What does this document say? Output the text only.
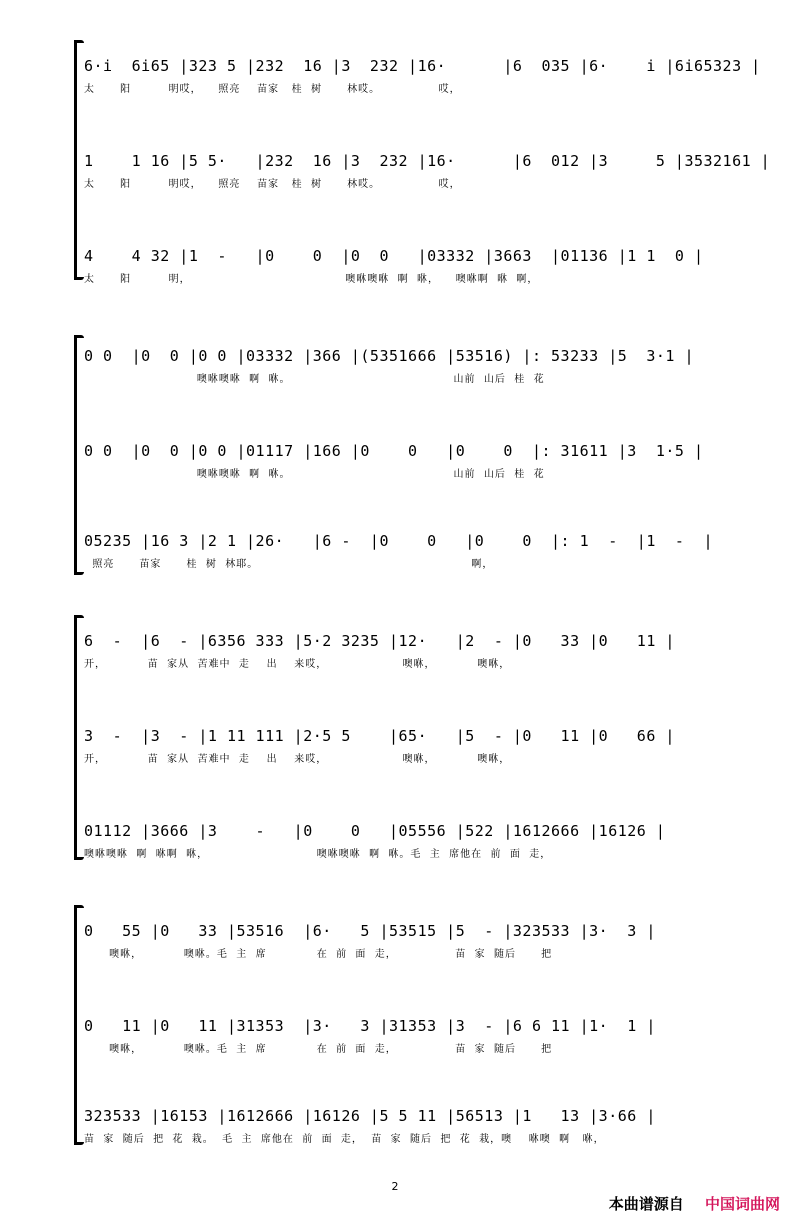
6·i  6i65 |323 5 |232  16 |3  232 |16·      |6  035 |6·    i |6i65323 |
太      阳         明哎，    照亮    苗家   桂  树      林哎。              哎，
1    1 16 |5 5·   |232  16 |3  232 |16·      |6  012 |3     5 |3532161 |
太      阳         明哎，    照亮    苗家   桂  树      林哎。              哎，
4    4 32 |1  -   |0    0  |0  0   |03332 |3663  |01136 |1 1  0 |
太      阳         明，                                     噢咻噢咻  啊  咻，    噢咻啊  咻  啊，
0 0  |0  0 |0 0 |03332 |366 |(5351666 |53516) |: 53233 |5  3·1 |
噢咻噢咻  啊  咻。                                       山前  山后  桂  花
0 0  |0  0 |0 0 |01117 |166 |0    0   |0    0  |: 31611 |3  1·5 |
噢咻噢咻  啊  咻。                                       山前  山后  桂  花
05235 |16 3 |2 1 |26·   |6 -  |0    0   |0    0  |: 1  -  |1  -  |
照亮      苗家      桂  树  林耶。                                                   啊，
6  -  |6  - |6356 333 |5·2 3235 |12·   |2  - |0   33 |0   11 |
开，          苗  家从  苦难中  走    出    来哎，                  噢咻，          噢咻，
3  -  |3  - |1 11 111 |2·5 5    |65·   |5  - |0   11 |0   66 |
开，          苗  家从  苦难中  走    出    来哎，                  噢咻，          噢咻，
01112 |3666 |3    -   |0    0   |05556 |522 |1612666 |16126 |
噢咻噢咻  啊  咻啊  咻，                          噢咻噢咻  啊  咻。毛  主  席他在  前  面  走，
0   55 |0   33 |53516  |6·   5 |53515 |5  - |323533 |3·  3 |
噢咻，          噢咻。毛  主  席            在  前  面  走，              苗  家  随后      把
0   11 |0   11 |31353  |3·   3 |31353 |3  - |6 6 11 |1·  1 |
噢咻，          噢咻。毛  主  席            在  前  面  走，              苗  家  随后      把
323533 |16153 |1612666 |16126 |5 5 11 |56513 |1   13 |3·66 |
苗  家  随后  把  花  栽。  毛  主  席他在  前  面  走，  苗  家  随后  把  花  栽，噢    咻噢  啊   咻，
2
本曲谱源自 中国词曲网
